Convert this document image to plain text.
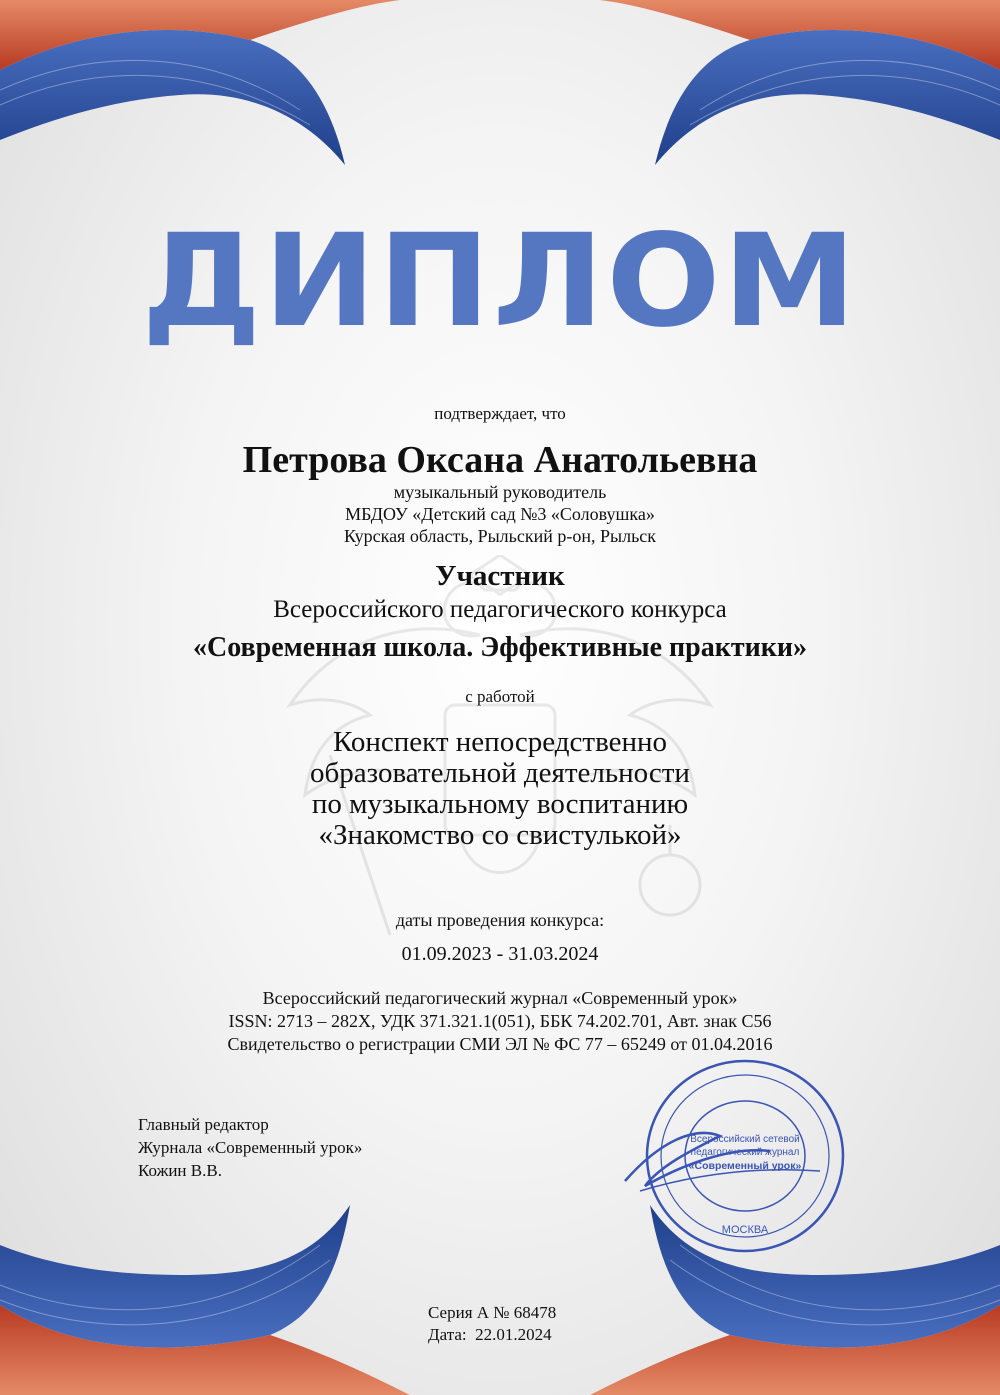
ДИПЛОМ
подтверждает, что
Петрова Оксана Анатольевна
музыкальный руководитель
МБДОУ «Детский сад №3 «Соловушка»
Курская область, Рыльский р-он, Рыльск
Участник
Всероссийского педагогического конкурса
«Современная школа. Эффективные практики»
с работой
Конспект непосредственно
образовательной деятельности
по музыкальному воспитанию
«Знакомство со свистулькой»
даты проведения конкурса:
01.09.2023 - 31.03.2024
Всероссийский педагогический журнал «Современный урок»
ISSN: 2713 – 282X, УДК 371.321.1(051), ББК 74.202.701, Авт. знак С56
Свидетельство о регистрации СМИ ЭЛ № ФС 77 – 65249 от 01.04.2016
Главный редактор
Журнала «Современный урок»
Кожин В.В.
Всероссийский сетевой
педагогический журнал
«Современный урок»
МОСКВА
Серия А № 68478
Дата: 22.01.2024
